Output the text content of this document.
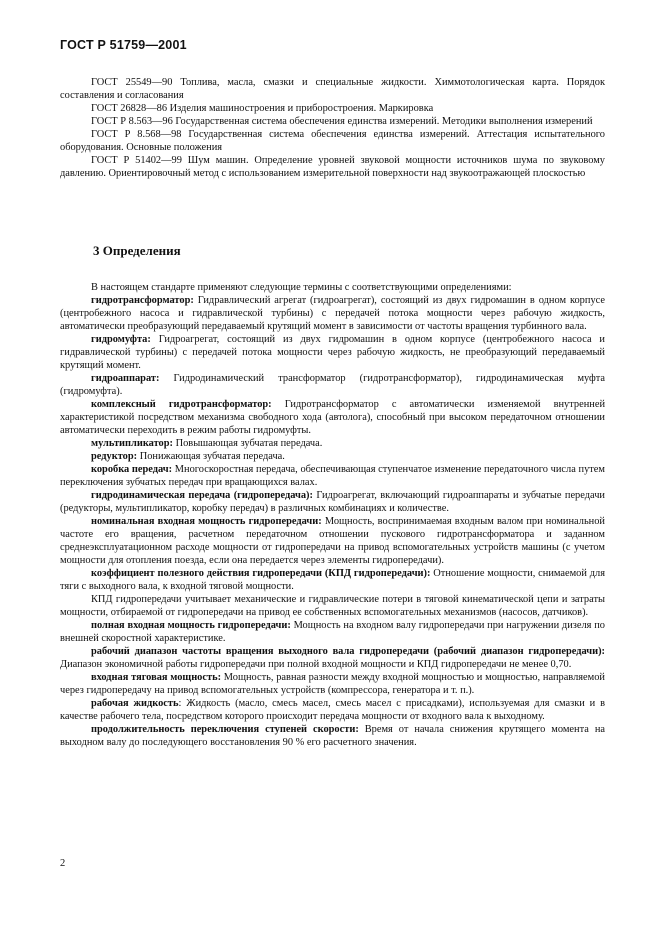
ГОСТ Р 51759—2001

ГОСТ 25549—90 Топлива, масла, смазки и специальные жидкости. Химмотологическая карта. Порядок составления и согласования

ГОСТ 26828—86 Изделия машиностроения и приборостроения. Маркировка

ГОСТ Р 8.563—96 Государственная система обеспечения единства измерений. Методики выполнения измерений

ГОСТ Р 8.568—98 Государственная система обеспечения единства измерений. Аттестация испытательного оборудования. Основные положения

ГОСТ Р 51402—99 Шум машин. Определение уровней звуковой мощности источников шума по звуковому давлению. Ориентировочный метод с использованием измерительной поверхности над звукоотражающей плоскостью

3 Определения

В настоящем стандарте применяют следующие термины с соответствующими определениями:

гидротрансформатор: Гидравлический агрегат (гидроагрегат), состоящий из двух гидромашин в одном корпусе (центробежного насоса и гидравлической турбины) с передачей потока мощности через рабочую жидкость, автоматически преобразующий передаваемый крутящий момент в зависимости от частоты вращения турбинного вала.

гидромуфта: Гидроагрегат, состоящий из двух гидромашин в одном корпусе (центробежного насоса и гидравлической турбины) с передачей потока мощности через рабочую жидкость, не преобразующий передаваемый крутящий момент.

гидроаппарат: Гидродинамический трансформатор (гидротрансформатор), гидродинамическая муфта (гидромуфта).

комплексный гидротрансформатор: Гидротрансформатор с автоматически изменяемой внутренней характеристикой посредством механизма свободного хода (автолога), способный при высоком передаточном отношении автоматически переходить в режим работы гидромуфты.

мультипликатор: Повышающая зубчатая передача.

редуктор: Понижающая зубчатая передача.

коробка передач: Многоскоростная передача, обеспечивающая ступенчатое изменение передаточного числа путем переключения зубчатых передач при вращающихся валах.

гидродинамическая передача (гидропередача): Гидроагрегат, включающий гидроаппараты и зубчатые передачи (редукторы, мультипликатор, коробку передач) в различных комбинациях и количестве.

номинальная входная мощность гидропередачи: Мощность, воспринимаемая входным валом при номинальной частоте его вращения, расчетном передаточном отношении пускового гидротрансформатора и заданном среднеэксплуатационном расходе мощности от гидропередачи на привод вспомогательных устройств машины (с учетом мощности для отопления поезда, если она передается через элементы гидропередачи).

коэффициент полезного действия гидропередачи (КПД гидропередачи): Отношение мощности, снимаемой для тяги с выходного вала, к входной тяговой мощности.

КПД гидропередачи учитывает механические и гидравлические потери в тяговой кинематической цепи и затраты мощности, отбираемой от гидропередачи на привод ее собственных вспомогательных механизмов (насосов, датчиков).

полная входная мощность гидропередачи: Мощность на входном валу гидропередачи при нагружении дизеля по внешней скоростной характеристике.

рабочий диапазон частоты вращения выходного вала гидропередачи (рабочий диапазон гидропередачи): Диапазон экономичной работы гидропередачи при полной входной мощности и КПД гидропередачи не менее 0,70.

входная тяговая мощность: Мощность, равная разности между входной мощностью и мощностью, направляемой через гидропередачу на привод вспомогательных устройств (компрессора, генератора и т. п.).

рабочая жидкость: Жидкость (масло, смесь масел, смесь масел с присадками), используемая для смазки и в качестве рабочего тела, посредством которого происходит передача мощности от входного вала к выходному.

продолжительность переключения ступеней скорости: Время от начала снижения крутящего момента на выходном валу до последующего восстановления 90 % его расчетного значения.

2
